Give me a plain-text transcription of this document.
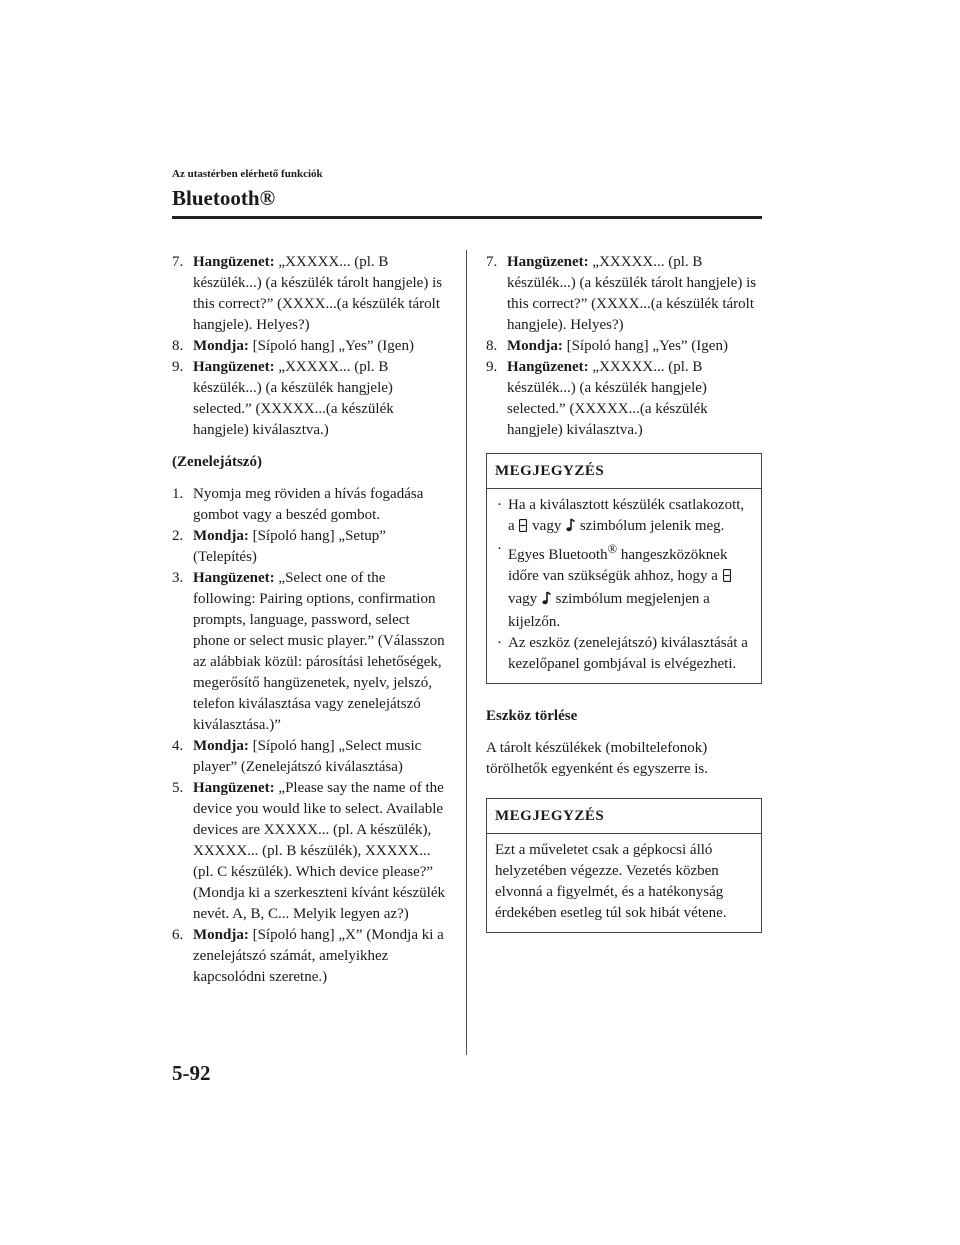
Az utastérben elérhető funkciók
Bluetooth®

7. Hangüzenet: „XXXXX... (pl. B készülék...) (a készülék tárolt hangjele) is this correct?” (XXXX...(a készülék tárolt hangjele). Helyes?)

8. Mondja: [Sípoló hang] „Yes” (Igen)

9. Hangüzenet: „XXXXX... (pl. B készülék...) (a készülék hangjele) selected.” (XXXXX...(a készülék hangjele) kiválasztva.)

(Zenelejátszó)

1. Nyomja meg röviden a hívás fogadása gombot vagy a beszéd gombot.

2. Mondja: [Sípoló hang] „Setup” (Telepítés)

3. Hangüzenet: „Select one of the following: Pairing options, confirmation prompts, language, password, select phone or select music player.” (Válasszon az alábbiak közül: párosítási lehetőségek, megerősítő hangüzenetek, nyelv, jelszó, telefon kiválasztása vagy zenelejátszó kiválasztása.)”

4. Mondja: [Sípoló hang] „Select music player” (Zenelejátszó kiválasztása)

5. Hangüzenet: „Please say the name of the device you would like to select. Available devices are XXXXX... (pl. A készülék), XXXXX... (pl. B készülék), XXXXX... (pl. C készülék). Which device please?” (Mondja ki a szerkeszteni kívánt készülék nevét. A, B, C... Melyik legyen az?)

6. Mondja: [Sípoló hang] „X” (Mondja ki a zenelejátszó számát, amelyikhez kapcsolódni szeretne.)

7. Hangüzenet: „XXXXX... (pl. B készülék...) (a készülék tárolt hangjele) is this correct?” (XXXX...(a készülék tárolt hangjele). Helyes?)

8. Mondja: [Sípoló hang] „Yes” (Igen)

9. Hangüzenet: „XXXXX... (pl. B készülék...) (a készülék hangjele) selected.” (XXXXX...(a készülék hangjele) kiválasztva.)

MEGJEGYZÉS
· Ha a kiválasztott készülék csatlakozott, a  vagy  szimbólum jelenik meg.
· Egyes Bluetooth® hangeszközöknek időre van szükségük ahhoz, hogy a  vagy  szimbólum megjelenjen a kijelzőn.
· Az eszköz (zenelejátszó) kiválasztását a kezelőpanel gombjával is elvégezheti.
Eszköz törlése
A tárolt készülékek (mobiltelefonok) törölhetők egyenként és egyszerre is.
MEGJEGYZÉS
Ezt a műveletet csak a gépkocsi álló helyzetében végezze. Vezetés közben elvonná a figyelmét, és a hatékonyság érdekében esetleg túl sok hibát vétene.
5-92
